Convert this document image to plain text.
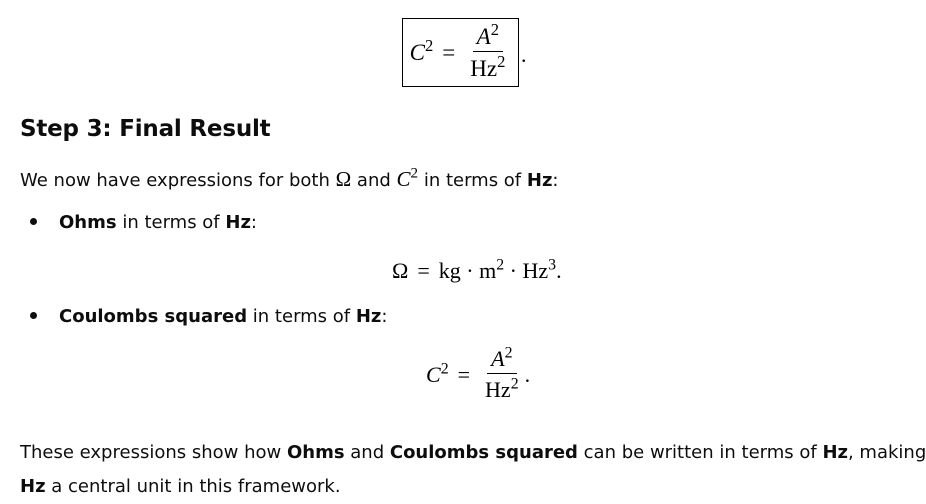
$C^2 = \frac{A^2}{Hz^2}$ .
Step 3: Final Result

We now have expressions for both Ω and $C^2$ in terms of Hz:

Ohms in terms of Hz:
Ω = kg · $m^2 \cdot Hz^3$.
Coulombs squared in terms of Hz:
$C^2 = \frac{A^2}{Hz^2}$ .

These expressions show how Ohms and Coulombs squared can be written in terms of Hz, making

Hz a central unit in this framework.
